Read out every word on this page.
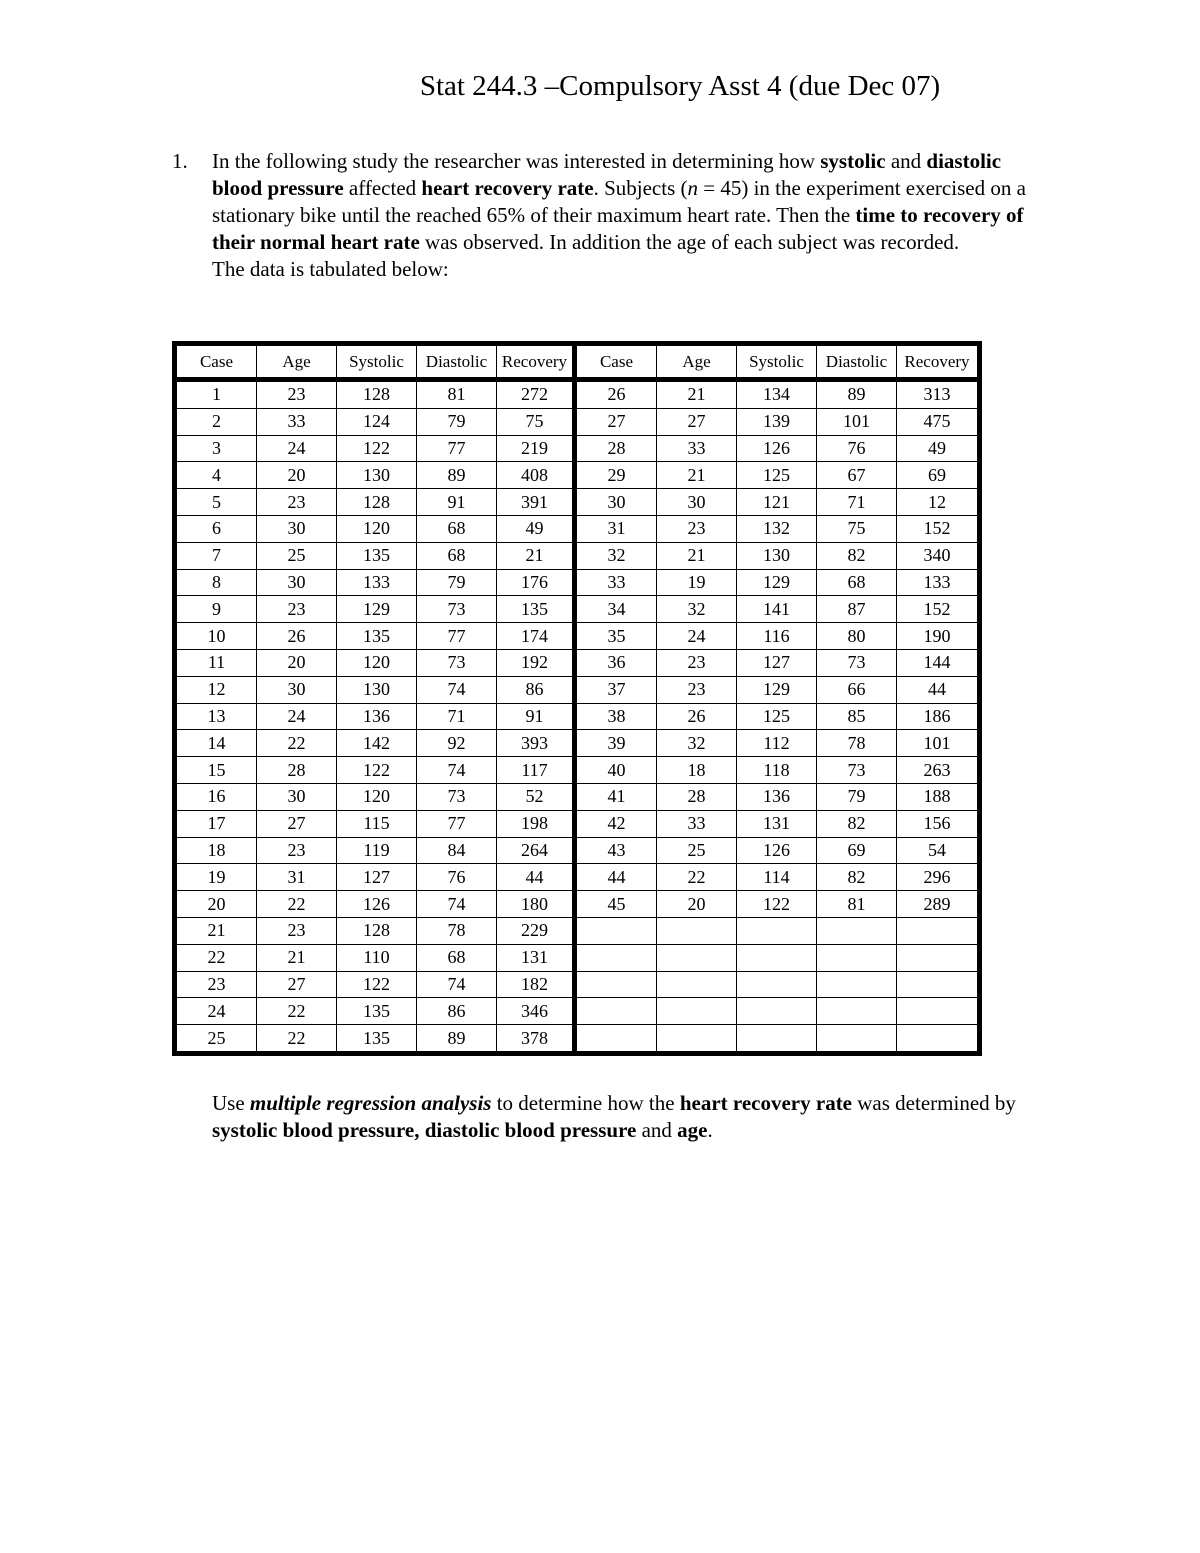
Stat 244.3 –Compulsory Asst 4 (due Dec 07)
1. In the following study the researcher was interested in determining how systolic and diastolic blood pressure affected heart recovery rate. Subjects (n = 45) in the experiment exercised on a stationary bike until the reached 65% of their maximum heart rate. Then the time to recovery of their normal heart rate was observed. In addition the age of each subject was recorded.
The data is tabulated below:
Case	Age	Systolic	Diastolic	Recovery	Case	Age	Systolic	Diastolic	Recovery
1	23	128	81	272	26	21	134	89	313
2	33	124	79	75	27	27	139	101	475
3	24	122	77	219	28	33	126	76	49
4	20	130	89	408	29	21	125	67	69
5	23	128	91	391	30	30	121	71	12
6	30	120	68	49	31	23	132	75	152
7	25	135	68	21	32	21	130	82	340
8	30	133	79	176	33	19	129	68	133
9	23	129	73	135	34	32	141	87	152
10	26	135	77	174	35	24	116	80	190
11	20	120	73	192	36	23	127	73	144
12	30	130	74	86	37	23	129	66	44
13	24	136	71	91	38	26	125	85	186
14	22	142	92	393	39	32	112	78	101
15	28	122	74	117	40	18	118	73	263
16	30	120	73	52	41	28	136	79	188
17	27	115	77	198	42	33	131	82	156
18	23	119	84	264	43	25	126	69	54
19	31	127	76	44	44	22	114	82	296
20	22	126	74	180	45	20	122	81	289
21	23	128	78	229					
22	21	110	68	131					
23	27	122	74	182					
24	22	135	86	346					
25	22	135	89	378					
Use multiple regression analysis to determine how the heart recovery rate was determined by systolic blood pressure, diastolic blood pressure and age.
